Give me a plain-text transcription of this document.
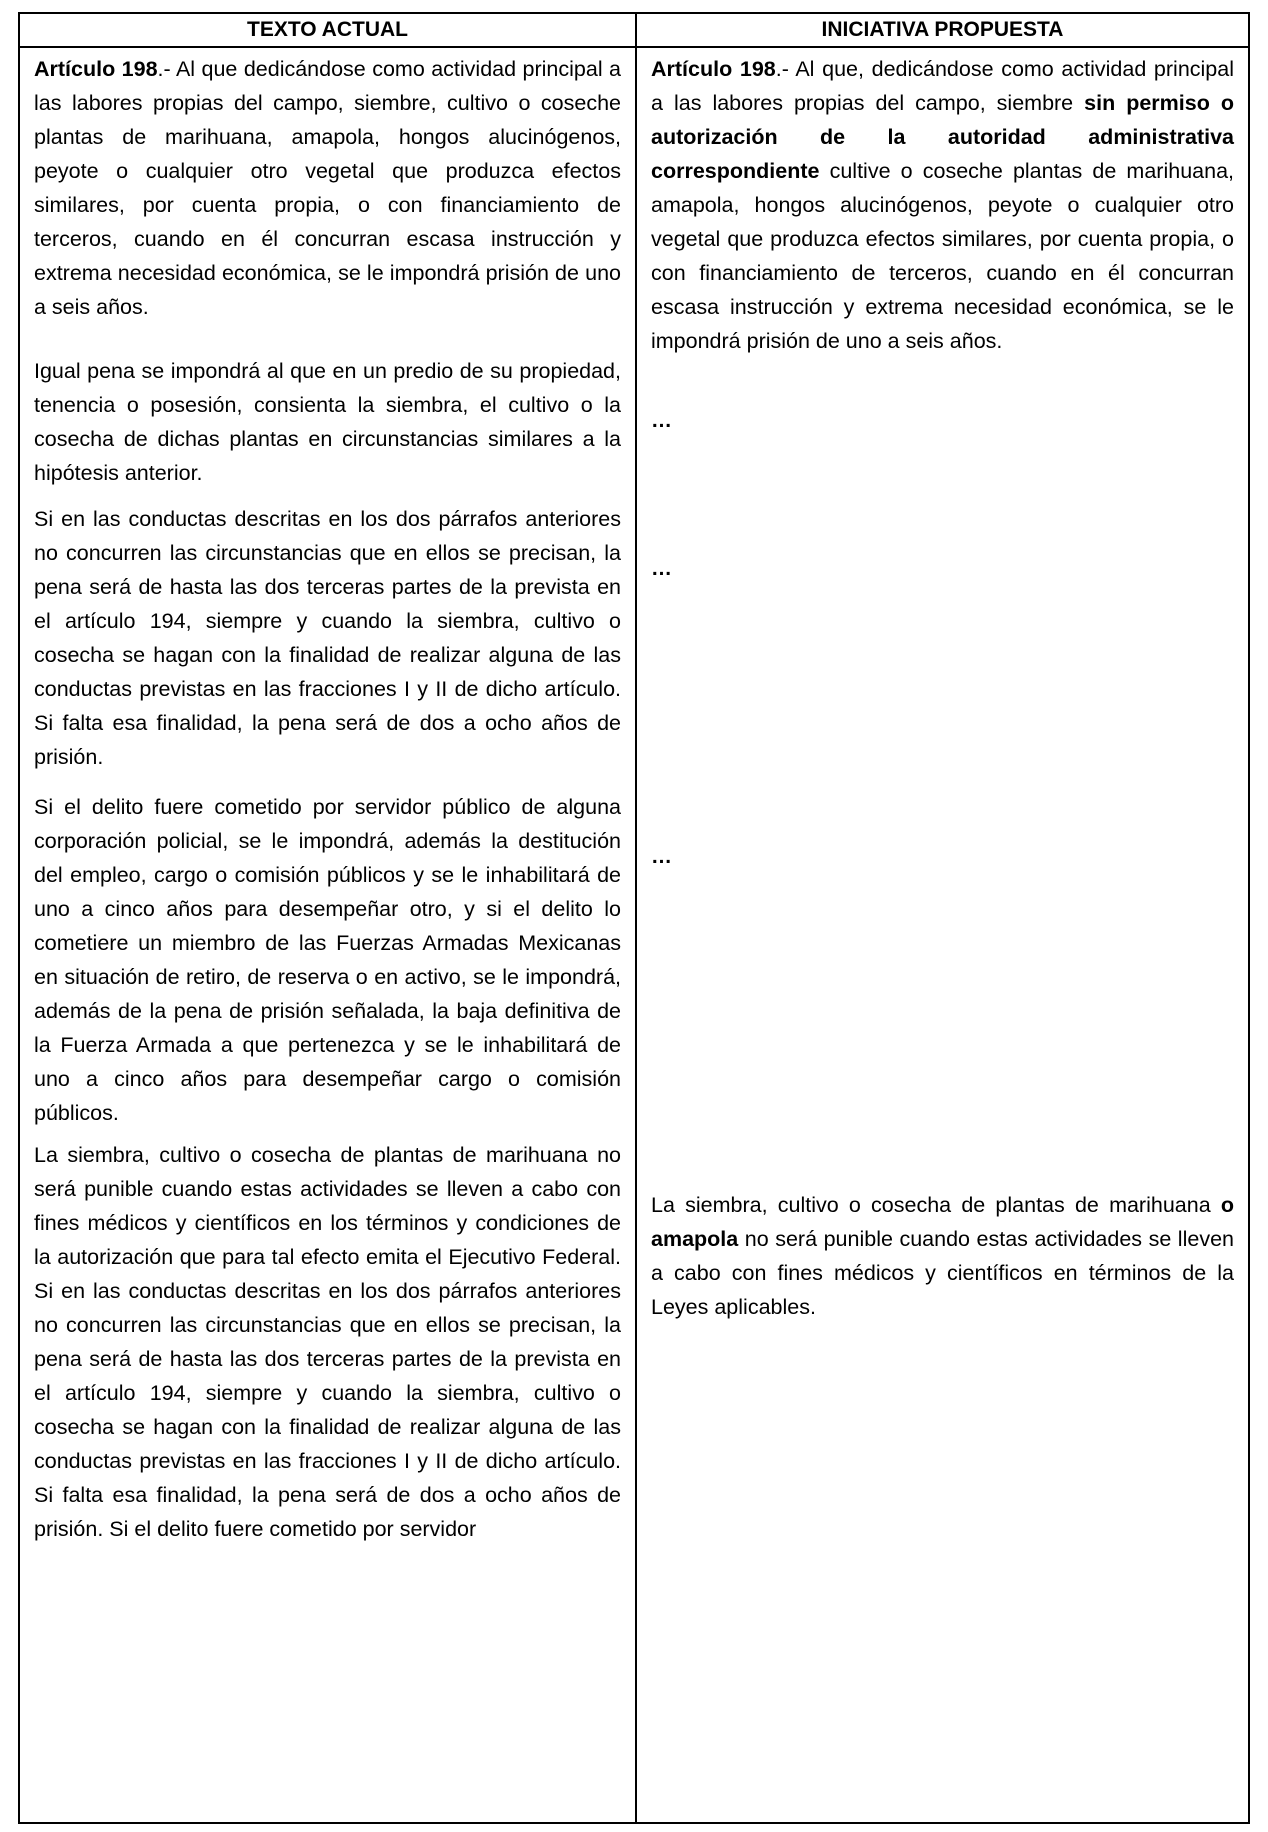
TEXTO ACTUAL	INICIATIVA PROPUESTA

Artículo 198.- Al que dedicándose como actividad principal a las labores propias del campo, siembre, cultivo o coseche plantas de marihuana, amapola, hongos alucinógenos, peyote o cualquier otro vegetal que produzca efectos similares, por cuenta propia, o con financiamiento de terceros, cuando en él concurran escasa instrucción y extrema necesidad económica, se le impondrá prisión de uno a seis años.

Igual pena se impondrá al que en un predio de su propiedad, tenencia o posesión, consienta la siembra, el cultivo o la cosecha de dichas plantas en circunstancias similares a la hipótesis anterior.

Si en las conductas descritas en los dos párrafos anteriores no concurren las circunstancias que en ellos se precisan, la pena será de hasta las dos terceras partes de la prevista en el artículo 194, siempre y cuando la siembra, cultivo o cosecha se hagan con la finalidad de realizar alguna de las conductas previstas en las fracciones I y II de dicho artículo. Si falta esa finalidad, la pena será de dos a ocho años de prisión.

Si el delito fuere cometido por servidor público de alguna corporación policial, se le impondrá, además la destitución del empleo, cargo o comisión públicos y se le inhabilitará de uno a cinco años para desempeñar otro, y si el delito lo cometiere un miembro de las Fuerzas Armadas Mexicanas en situación de retiro, de reserva o en activo, se le impondrá, además de la pena de prisión señalada, la baja definitiva de la Fuerza Armada a que pertenezca y se le inhabilitará de uno a cinco años para desempeñar cargo o comisión públicos.

La siembra, cultivo o cosecha de plantas de marihuana no será punible cuando estas actividades se lleven a cabo con fines médicos y científicos en los términos y condiciones de la autorización que para tal efecto emita el Ejecutivo Federal. Si en las conductas descritas en los dos párrafos anteriores no concurren las circunstancias que en ellos se precisan, la pena será de hasta las dos terceras partes de la prevista en el artículo 194, siempre y cuando la siembra, cultivo o cosecha se hagan con la finalidad de realizar alguna de las conductas previstas en las fracciones I y II de dicho artículo. Si falta esa finalidad, la pena será de dos a ocho años de prisión. Si el delito fuere cometido por servidor

Artículo 198.- Al que, dedicándose como actividad principal a las labores propias del campo, siembre sin permiso o autorización de la autoridad administrativa correspondiente cultive o coseche plantas de marihuana, amapola, hongos alucinógenos, peyote o cualquier otro vegetal que produzca efectos similares, por cuenta propia, o con financiamiento de terceros, cuando en él concurran escasa instrucción y extrema necesidad económica, se le impondrá prisión de uno a seis años.

…

…

…

La siembra, cultivo o cosecha de plantas de marihuana o amapola no será punible cuando estas actividades se lleven a cabo con fines médicos y científicos en términos de la Leyes aplicables.
